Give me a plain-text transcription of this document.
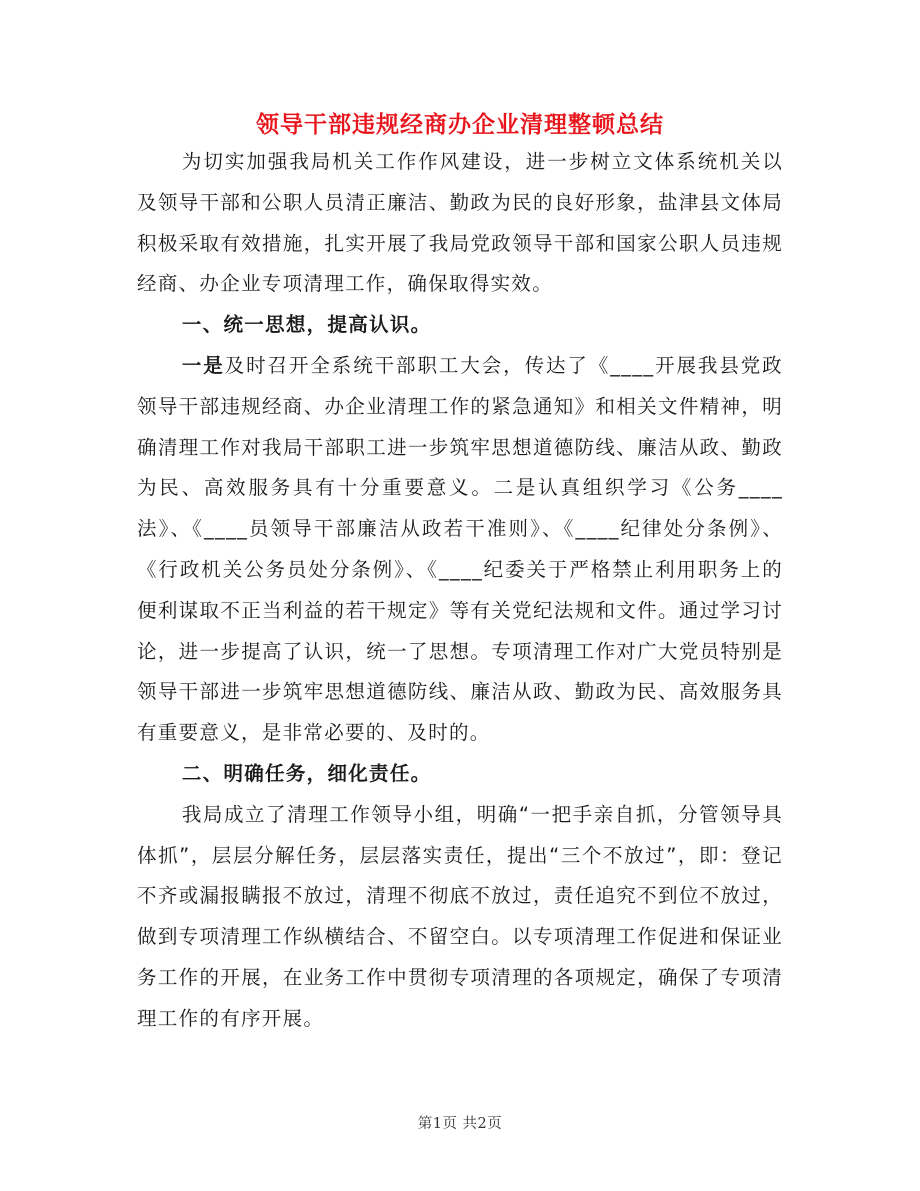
领导干部违规经商办企业清理整顿总结

为切实加强我局机关工作作风建设，进一步树立文体系统机关以及领导干部和公职人员清正廉洁、勤政为民的良好形象，盐津县文体局积极采取有效措施，扎实开展了我局党政领导干部和国家公职人员违规经商、办企业专项清理工作，确保取得实效。

一、统一思想，提高认识。

一是及时召开全系统干部职工大会，传达了《____开展我县党政领导干部违规经商、办企业清理工作的紧急通知》和相关文件精神，明确清理工作对我局干部职工进一步筑牢思想道德防线、廉洁从政、勤政为民、高效服务具有十分重要意义。二是认真组织学习《公务____法》、《____员领导干部廉洁从政若干准则》、《____纪律处分条例》、《行政机关公务员处分条例》、《____纪委关于严格禁止利用职务上的便利谋取不正当利益的若干规定》等有关党纪法规和文件。通过学习讨论，进一步提高了认识，统一了思想。专项清理工作对广大党员特别是领导干部进一步筑牢思想道德防线、廉洁从政、勤政为民、高效服务具有重要意义，是非常必要的、及时的。

二、明确任务，细化责任。

我局成立了清理工作领导小组，明确“一把手亲自抓，分管领导具体抓”，层层分解任务，层层落实责任，提出“三个不放过”，即：登记不齐或漏报瞒报不放过，清理不彻底不放过，责任追究不到位不放过，做到专项清理工作纵横结合、不留空白。以专项清理工作促进和保证业务工作的开展，在业务工作中贯彻专项清理的各项规定，确保了专项清理工作的有序开展。

第1页 共2页
